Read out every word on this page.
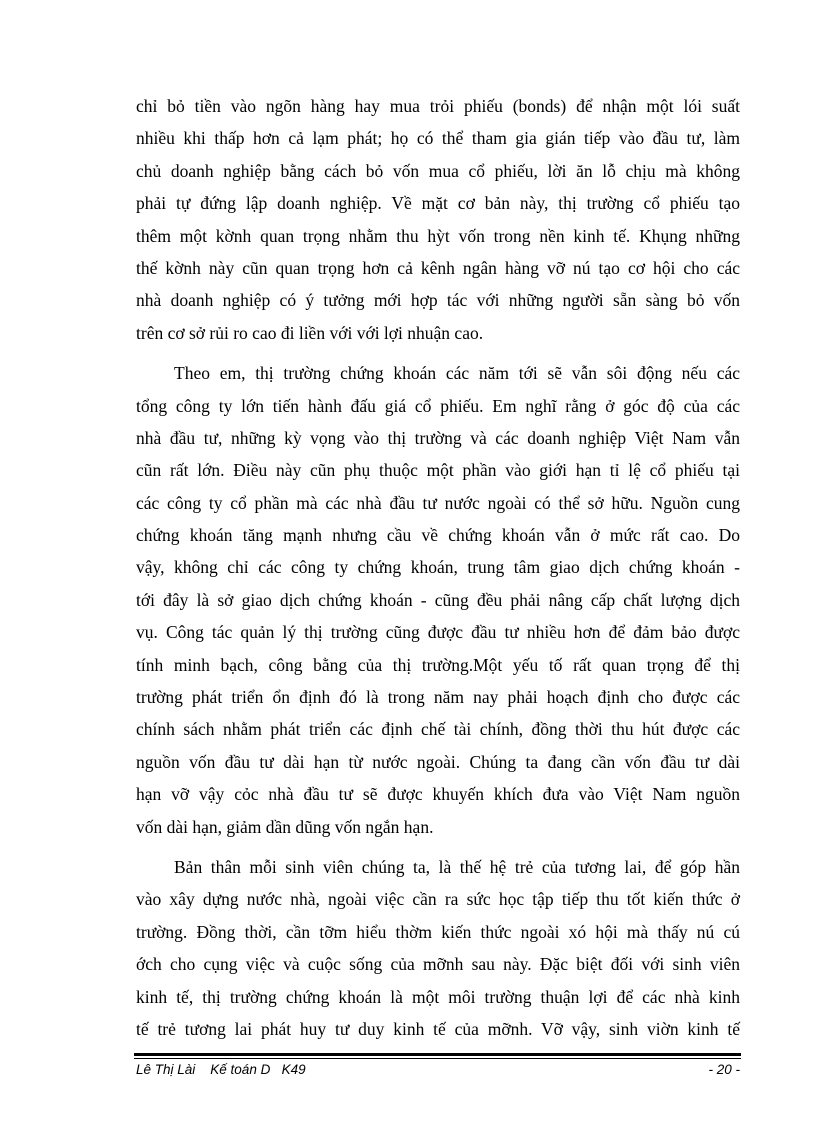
chỉ bỏ tiền vào ngõn hàng hay mua trỏi phiếu (bonds) để nhận một lói suất
nhiều khi thấp hơn cả lạm phát; họ có thể tham gia gián tiếp vào đầu tư, làm
chủ doanh nghiệp bằng cách bỏ vốn mua cổ phiếu, lời ăn lỗ chịu mà không
phải tự đứng lập doanh nghiệp. Về mặt cơ bản này, thị trường cổ phiếu tạo
thêm một kờnh quan trọng nhằm thu hỳt vốn trong nền kinh tế. Khụng những
thế kờnh này cũn quan trọng hơn cả kênh ngân hàng vỡ nú tạo cơ hội cho các
nhà doanh nghiệp có ý tưởng mới hợp tác với những người sẵn sàng bỏ vốn
trên cơ sở rủi ro cao đi liền với với lợi nhuận cao.
Theo em, thị trường chứng khoán các năm tới sẽ vẫn sôi động nếu các
tổng công ty lớn tiến hành đấu giá cổ phiếu. Em nghĩ rằng ở góc độ của các
nhà đầu tư, những kỳ vọng vào thị trường và các doanh nghiệp Việt Nam vẫn
cũn rất lớn. Điều này cũn phụ thuộc một phần vào giới hạn tỉ lệ cổ phiếu tại
các công ty cổ phần mà các nhà đầu tư nước ngoài có thể sở hữu. Nguồn cung
chứng khoán tăng mạnh nhưng cầu về chứng khoán vẫn ở mức rất cao. Do
vậy, không chỉ các công ty chứng khoán, trung tâm giao dịch chứng khoán -
tới đây là sở giao dịch chứng khoán - cũng đều phải nâng cấp chất lượng dịch
vụ. Công tác quản lý thị trường cũng được đầu tư nhiều hơn để đảm bảo được
tính minh bạch, công bằng của thị trường.Một yếu tố rất quan trọng để thị
trường phát triển ổn định đó là trong năm nay phải hoạch định cho được các
chính sách nhằm phát triển các định chế tài chính, đồng thời thu hút được các
nguồn vốn đầu tư dài hạn từ nước ngoài. Chúng ta đang cần vốn đầu tư dài
hạn vỡ vậy cỏc nhà đầu tư sẽ được khuyến khích đưa vào Việt Nam nguồn
vốn dài hạn, giảm dần dũng vốn ngắn hạn.
Bản thân mỗi sinh viên chúng ta, là thế hệ trẻ của tương lai, để góp hần
vào xây dựng nước nhà, ngoài việc cần ra sức học tập tiếp thu tốt kiến thức ở
trường. Đồng thời, cần tỡm hiểu thờm kiến thức ngoài xó hội mà thấy nú cú
ớch cho cụng việc và cuộc sống của mỡnh sau này. Đặc biệt đối với sinh viên
kinh tế, thị trường chứng khoán là một môi trường thuận lợi để các nhà kinh
tế trẻ tương lai phát huy tư duy kinh tế của mỡnh. Vỡ vậy, sinh viờn kinh tế
Lê Thị Lài    Kế toán D   K49	- 20 -
